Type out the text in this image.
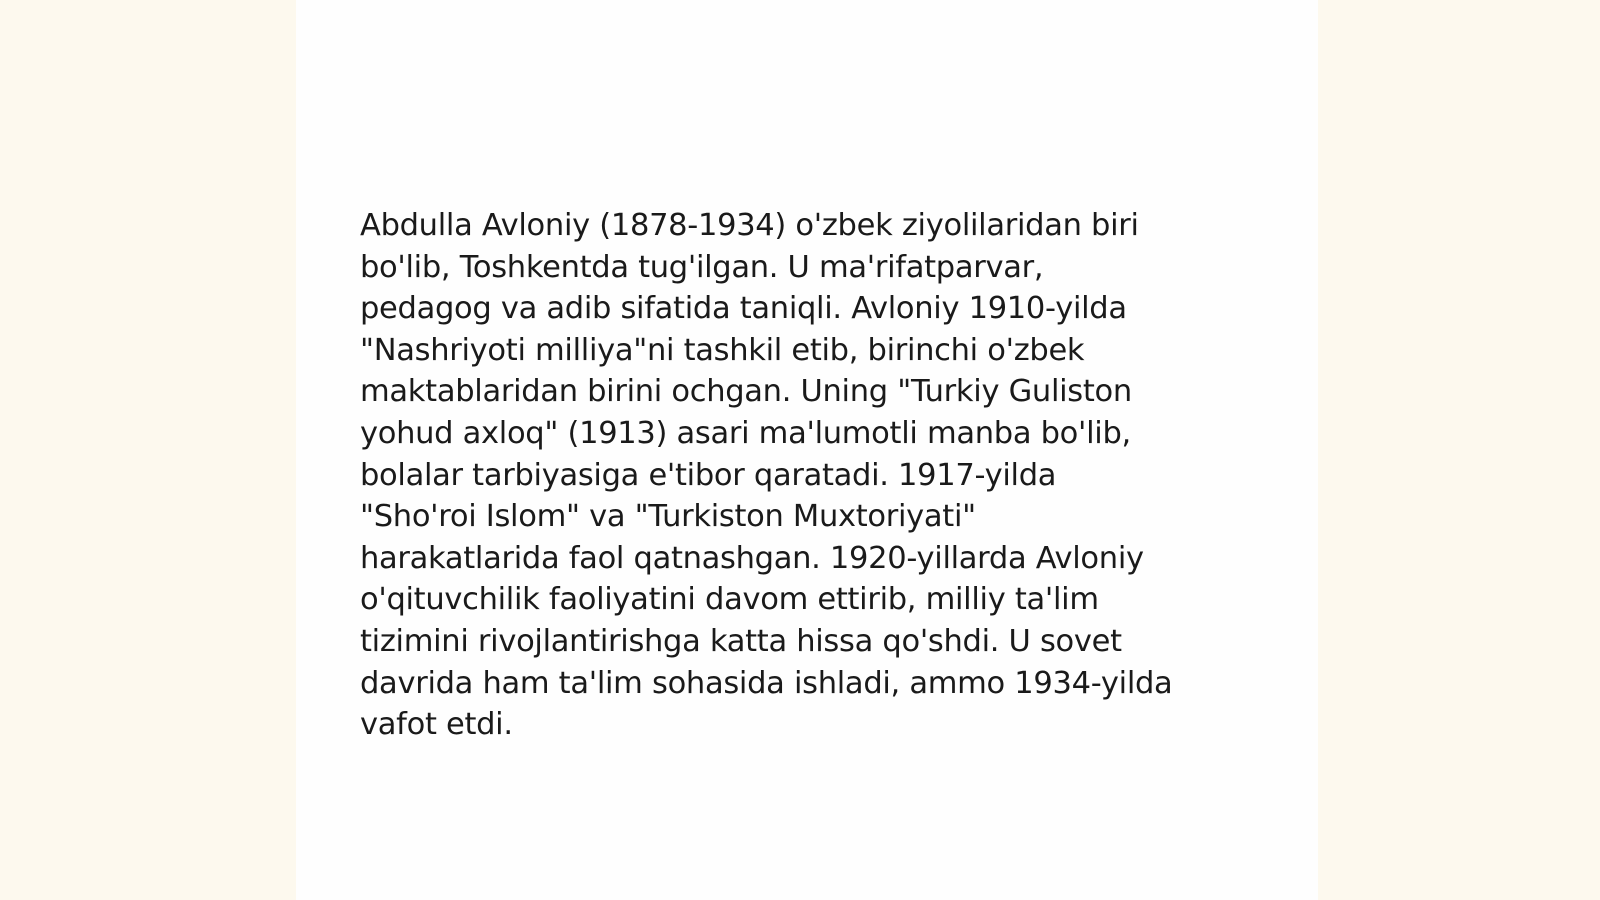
Abdulla Avloniy (1878-1934) o'zbek ziyolilaridan biri
bo'lib, Toshkentda tug'ilgan. U ma'rifatparvar,
pedagog va adib sifatida taniqli. Avloniy 1910-yilda
"Nashriyoti milliya"ni tashkil etib, birinchi o'zbek
maktablaridan birini ochgan. Uning "Turkiy Guliston
yohud axloq" (1913) asari ma'lumotli manba bo'lib,
bolalar tarbiyasiga e'tibor qaratadi. 1917-yilda
"Sho'roi Islom" va "Turkiston Muxtoriyati"
harakatlarida faol qatnashgan. 1920-yillarda Avloniy
o'qituvchilik faoliyatini davom ettirib, milliy ta'lim
tizimini rivojlantirishga katta hissa qo'shdi. U sovet
davrida ham ta'lim sohasida ishladi, ammo 1934-yilda
vafot etdi.
